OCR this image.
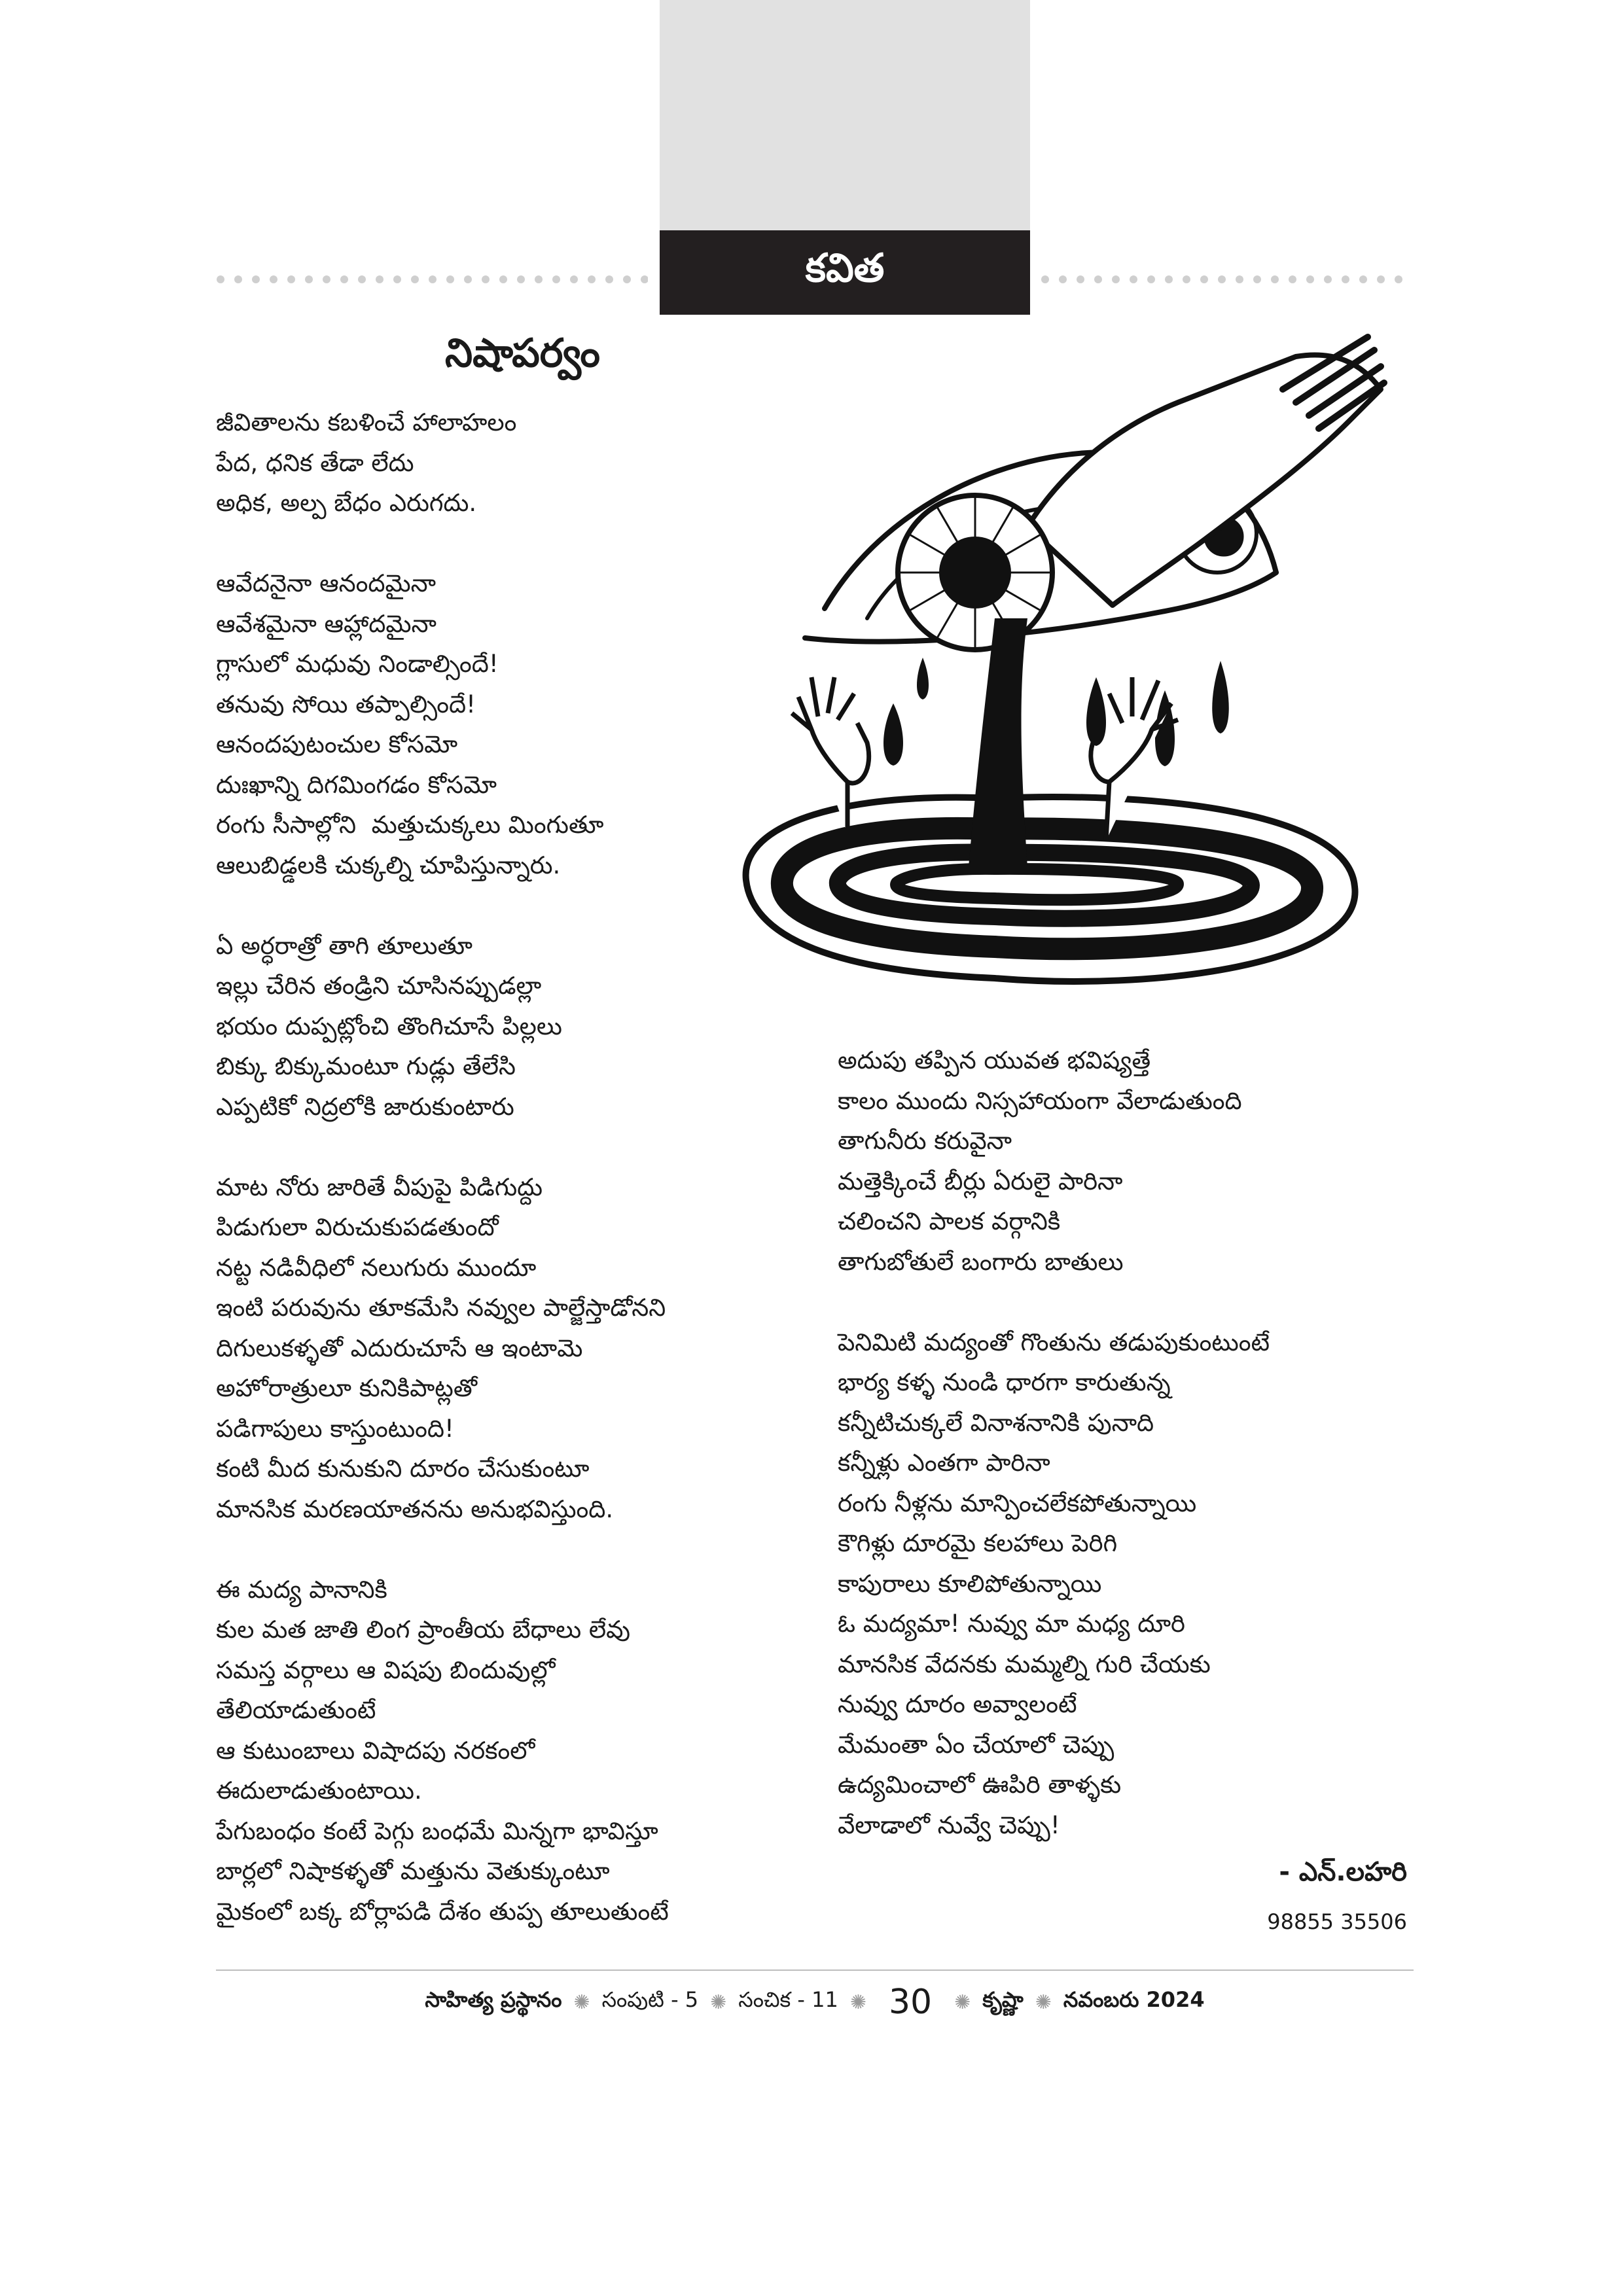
కవిత
నిషాపర్వం
జీవితాలను కబళించే హాలాహలం
పేద, ధనిక తేడా లేదు
అధిక, అల్ప బేధం ఎరుగదు.
ఆవేదనైనా ఆనందమైనా
ఆవేశమైనా ఆహ్లాదమైనా
గ్లాసులో మధువు నిండాల్సిందే!
తనువు సోయి తప్పాల్సిందే!
ఆనందపుటంచుల కోసమో
దుఃఖాన్ని దిగమింగడం కోసమో
రంగు సీసాల్లోని  మత్తుచుక్కలు మింగుతూ
ఆలుబిడ్డలకి చుక్కల్ని చూపిస్తున్నారు.
ఏ అర్ధరాత్రో తాగి తూలుతూ
ఇల్లు చేరిన తండ్రిని చూసినప్పుడల్లా
భయం దుప్పట్లోంచి తొంగిచూసే పిల్లలు
బిక్కు బిక్కుమంటూ గుడ్లు తేలేసి
ఎప్పటికో నిద్రలోకి జారుకుంటారు
మాట నోరు జారితే వీపుపై పిడిగుద్దు
పిడుగులా విరుచుకుపడతుందో
నట్ట నడివీధిలో నలుగురు ముందూ
ఇంటి పరువును తూకమేసి నవ్వుల పాల్జేస్తాడోనని
దిగులుకళ్ళతో ఎదురుచూసే ఆ ఇంటామె
అహోరాత్రులూ కునికిపాట్లతో
పడిగాపులు కాస్తుంటుంది!
కంటి మీద కునుకుని దూరం చేసుకుంటూ
మానసిక మరణయాతనను అనుభవిస్తుంది.
ఈ మద్య పానానికి
కుల మత జాతి లింగ ప్రాంతీయ బేధాలు లేవు
సమస్త వర్గాలు ఆ విషపు బిందువుల్లో
తేలియాడుతుంటే
ఆ కుటుంబాలు విషాదపు నరకంలో
ఈదులాడుతుంటాయి.
పేగుబంధం కంటే పెగ్గు బంధమే మిన్నగా భావిస్తూ
బార్లలో నిషాకళ్ళతో మత్తును వెతుక్కుంటూ
మైకంలో బక్క బోర్లాపడి దేశం తుప్ప తూలుతుంటే
అదుపు తప్పిన యువత భవిష్యత్తే
కాలం ముందు నిస్సహాయంగా వేలాడుతుంది
తాగునీరు కరువైనా
మత్తెక్కించే బీర్లు ఏరులై పారినా
చలించని పాలక వర్గానికి
తాగుబోతులే బంగారు బాతులు
పెనిమిటి మద్యంతో గొంతును తడుపుకుంటుంటే
భార్య కళ్ళ నుండి ధారగా కారుతున్న
కన్నీటిచుక్కలే వినాశనానికి పునాది
కన్నీళ్లు ఎంతగా పారినా
రంగు నీళ్లను మాన్పించలేకపోతున్నాయి
కౌగిళ్లు దూరమై కలహాలు పెరిగి
కాపురాలు కూలిపోతున్నాయి
ఓ మద్యమా! నువ్వు మా మధ్య దూరి
మానసిక వేదనకు మమ్మల్ని గురి చేయకు
నువ్వు దూరం అవ్వాలంటే
మేమంతా ఏం చేయాలో చెప్పు
ఉద్యమించాలో ఊపిరి తాళ్ళకు
వేలాడాలో నువ్వే చెప్పు!
- ఎన్.లహరి
98855 35506
సాహిత్య ప్రస్థానం ✺ సంపుటి - 5 ✺ సంచిక - 11 ✺ 30 ✺ కృష్ణా ✺ నవంబరు 2024
